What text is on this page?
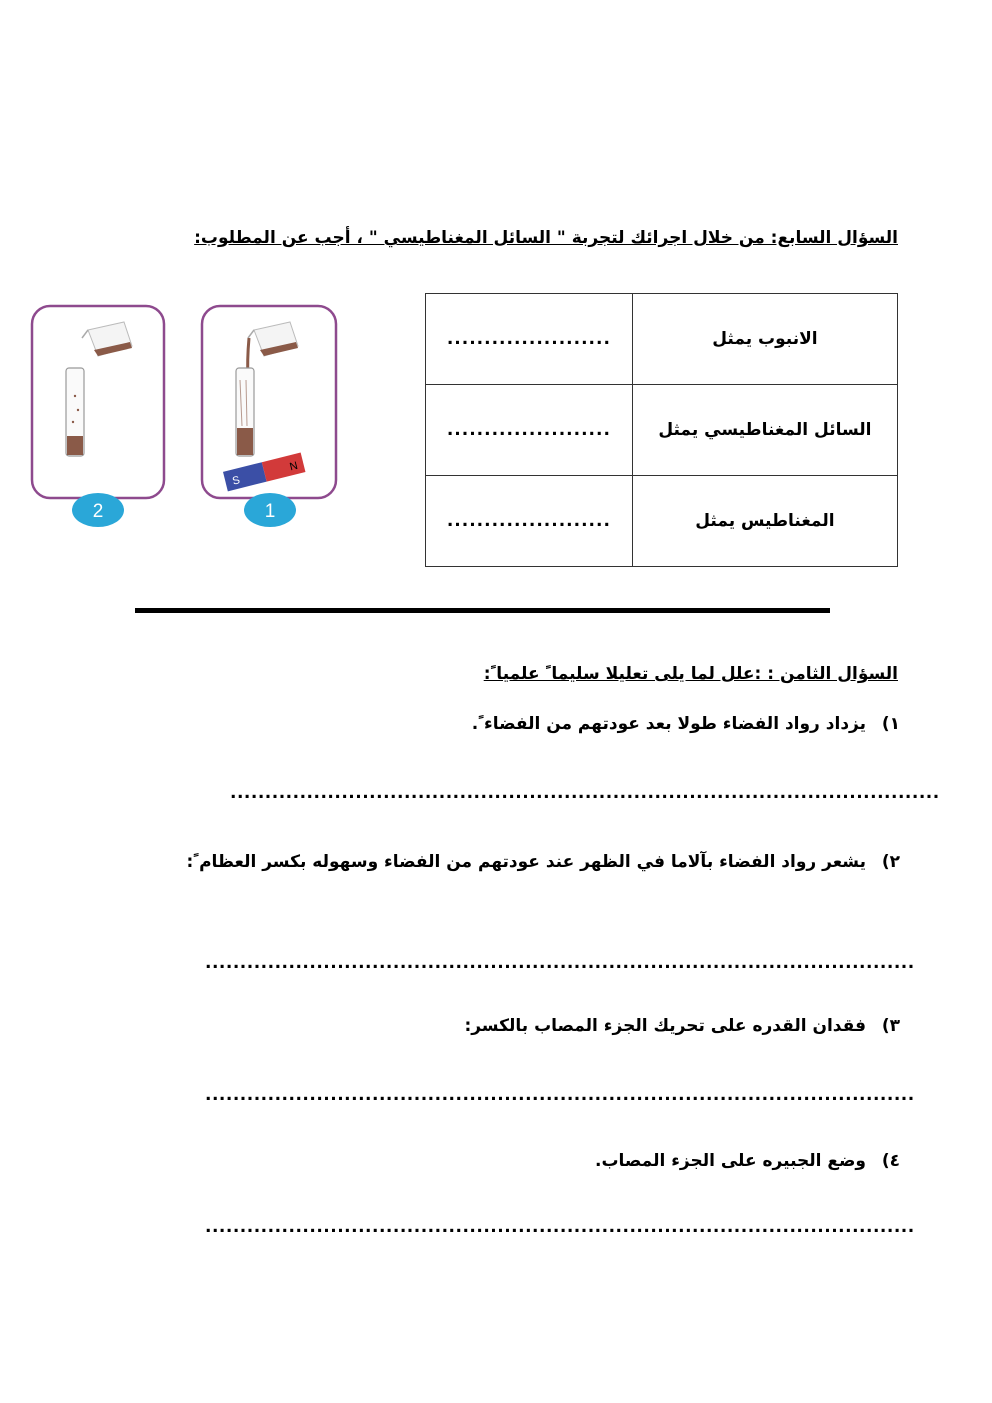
السؤال السابع: من خلال اجرائك لتجربة " السائل المغناطيسي " ، أجب عن المطلوب:
2
S
N
1
......................	الانبوب يمثل
......................	السائل المغناطيسي يمثل
......................	المغناطيس يمثل
السؤال الثامن : :علل لما يلى تعليلا سليما ً علميا ً:
١)
يزداد رواد الفضاء طولا بعد عودتهم من الفضاء ً.
......................................................................................................
٢)
يشعر رواد الفضاء بآلاما في الظهر عند عودتهم من الفضاء وسهوله بكسر العظام ً:
......................................................................................................
٣)
فقدان القدره على تحريك الجزء المصاب بالكسر:
......................................................................................................
٤)
وضع الجبيره على الجزء المصاب.
......................................................................................................
